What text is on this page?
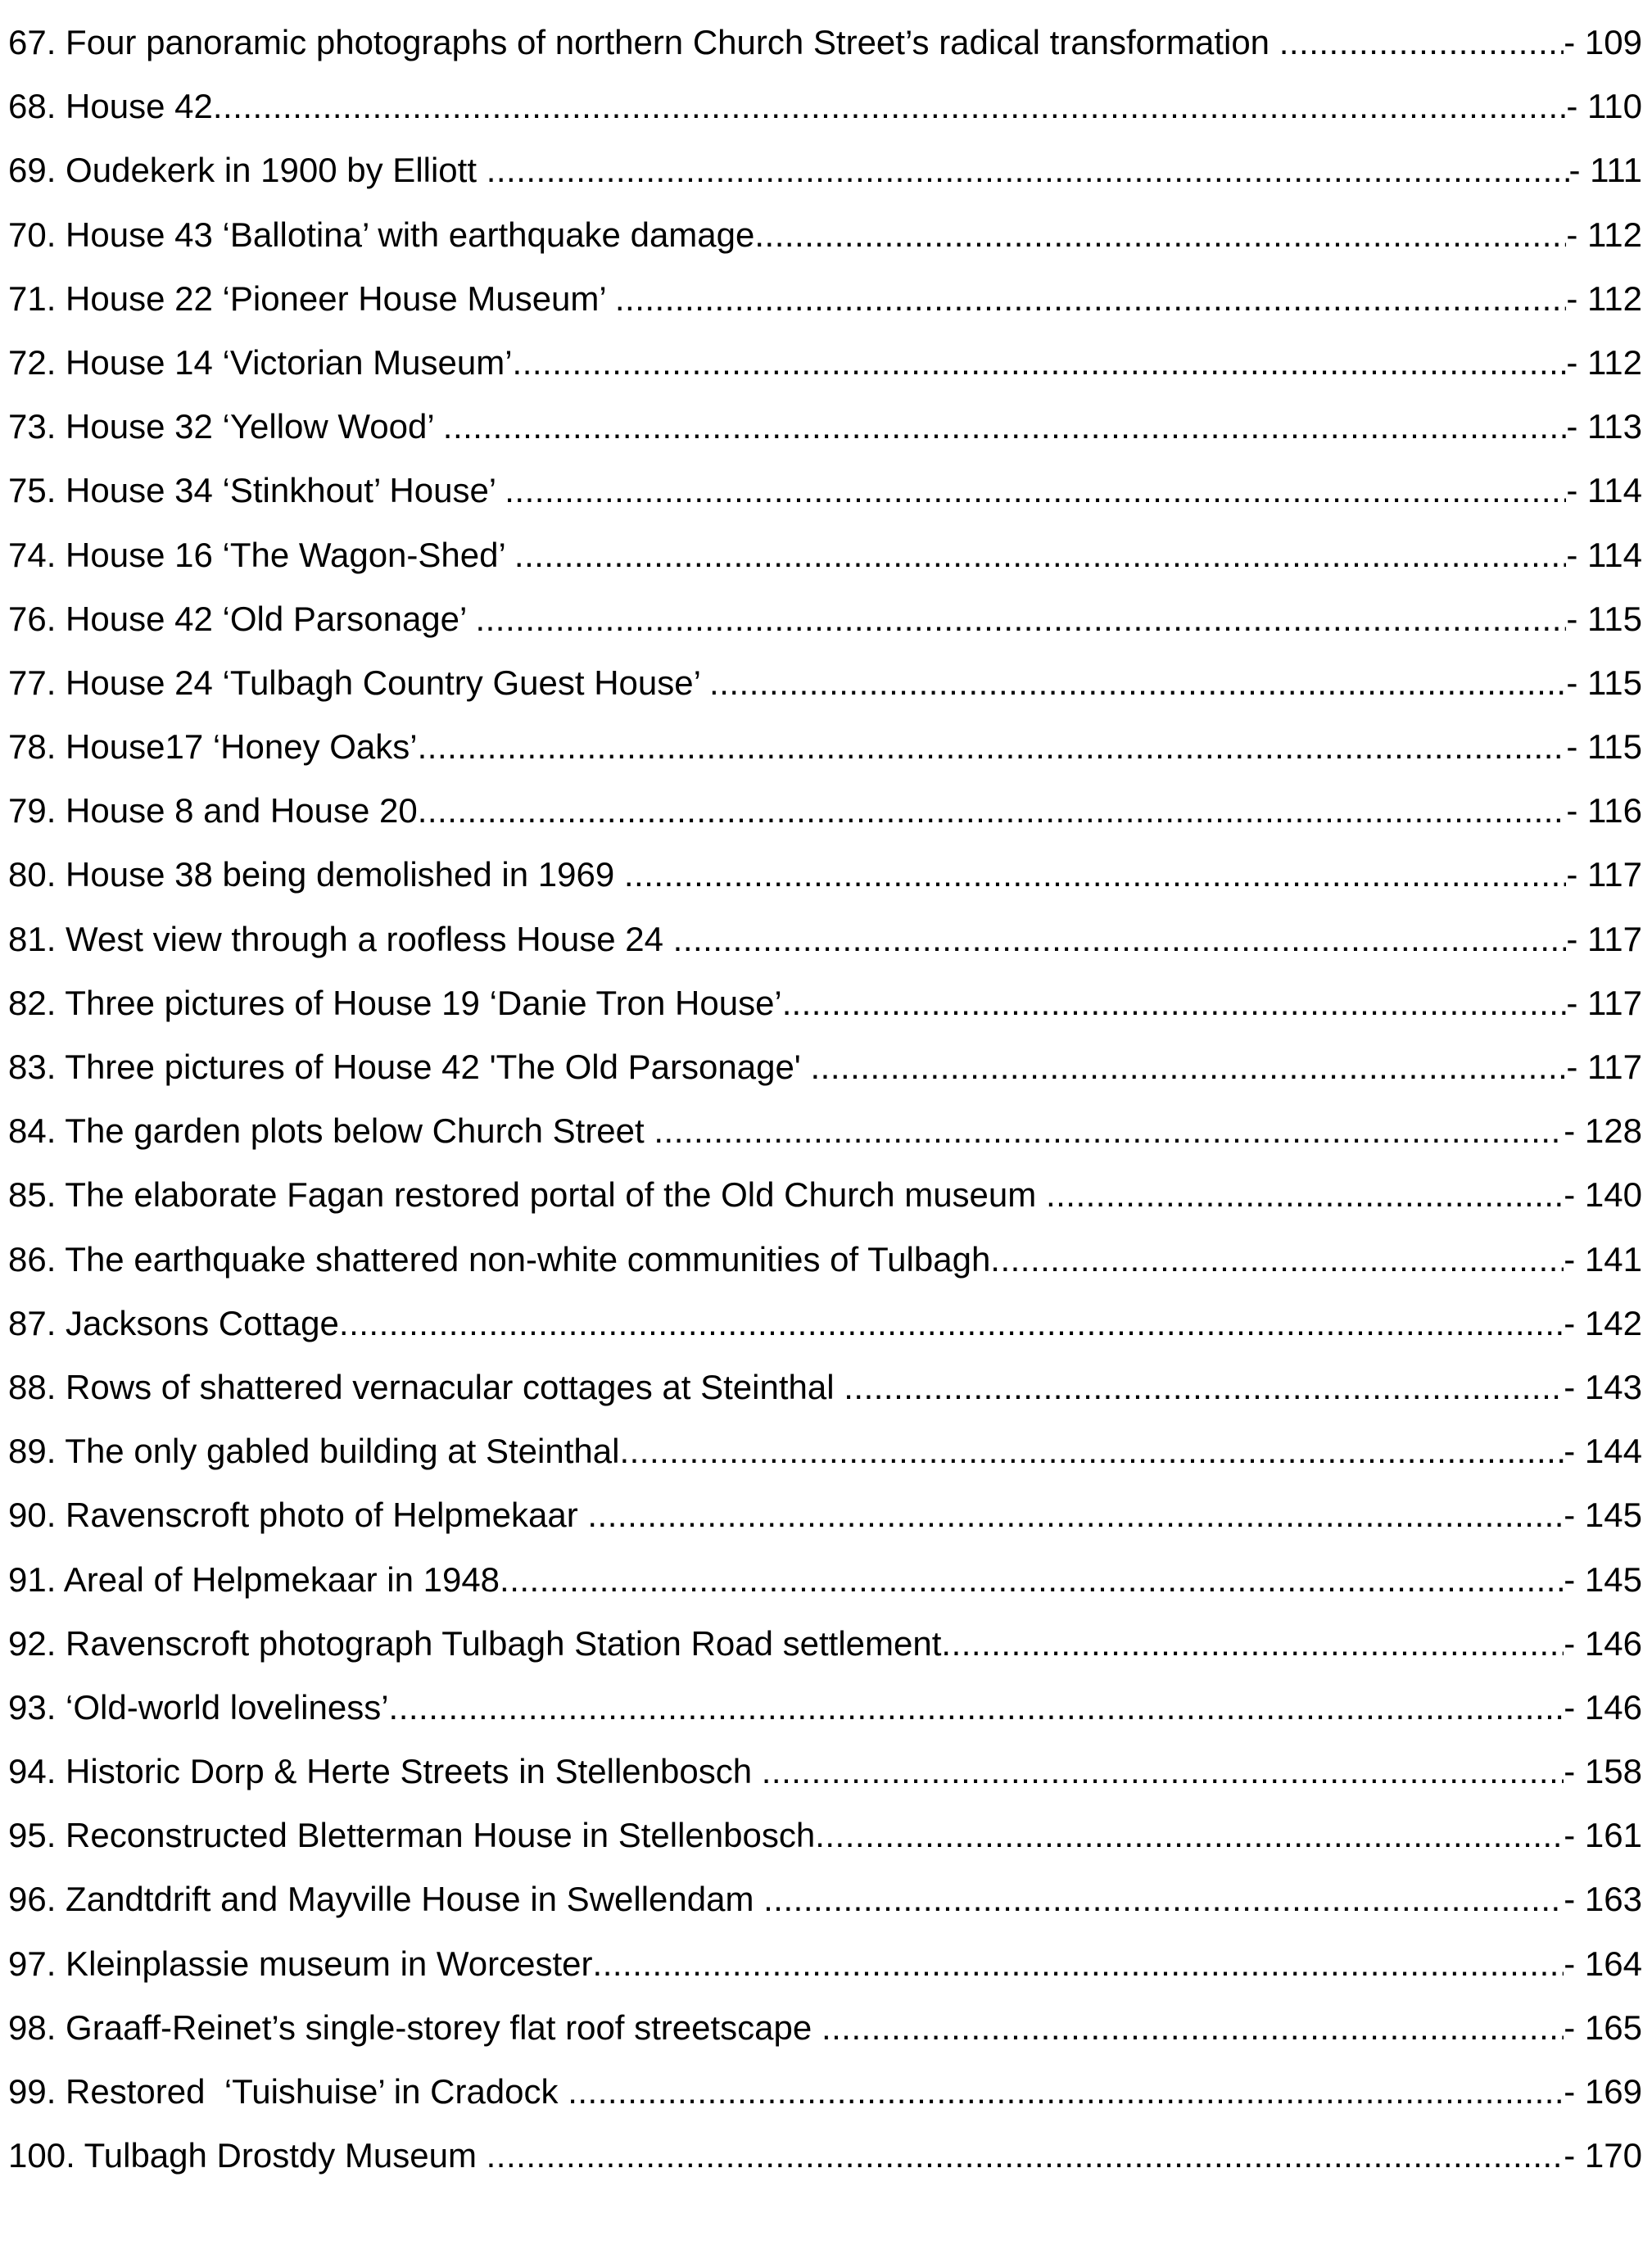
67. Four panoramic photographs of northern Church Street’s radical transformation .....	- 109
68. House 42 .....	- 110
69. Oudekerk in 1900 by Elliott .....	- 111
70. House 43 ‘Ballotina’ with earthquake damage .....	- 112
71. House 22 ‘Pioneer House Museum’ .....	- 112
72. House 14 ‘Victorian Museum’ .....	- 112
73. House 32 ‘Yellow Wood’ .....	- 113
75. House 34 ‘Stinkhout’ House’ .....	- 114
74. House 16 ‘The Wagon-Shed’ .....	- 114
76. House 42 ‘Old Parsonage’ .....	- 115
77. House 24 ‘Tulbagh Country Guest House’ .....	- 115
78. House17 ‘Honey Oaks’ .....	- 115
79. House 8 and House 20 .....	- 116
80. House 38 being demolished in 1969 .....	- 117
81. West view through a roofless House 24 .....	- 117
82. Three pictures of House 19 ‘Danie Tron House’. .....	- 117
83. Three pictures of House 42 'The Old Parsonage' .....	- 117
84. The garden plots below Church Street .....	- 128
85. The elaborate Fagan restored portal of the Old Church museum .....	- 140
86. The earthquake shattered non-white communities of Tulbagh .....	- 141
87. Jacksons Cottage .....	- 142
88. Rows of shattered vernacular cottages at Steinthal .....	- 143
89. The only gabled building at Steinthal .....	- 144
90. Ravenscroft photo of Helpmekaar .....	- 145
91. Areal of Helpmekaar in 1948 .....	- 145
92. Ravenscroft photograph Tulbagh Station Road settlement .....	- 146
93. ‘Old-world loveliness’ .....	- 146
94. Historic Dorp & Herte Streets in Stellenbosch .....	- 158
95. Reconstructed Bletterman House in Stellenbosch .....	- 161
96. Zandtdrift and Mayville House in Swellendam .....	- 163
97. Kleinplassie museum in Worcester .....	- 164
98. Graaff-Reinet’s single-storey flat roof streetscape .....	- 165
99. Restored  ‘Tuishuise’ in Cradock .....	- 169
100. Tulbagh Drostdy Museum .....	- 170
